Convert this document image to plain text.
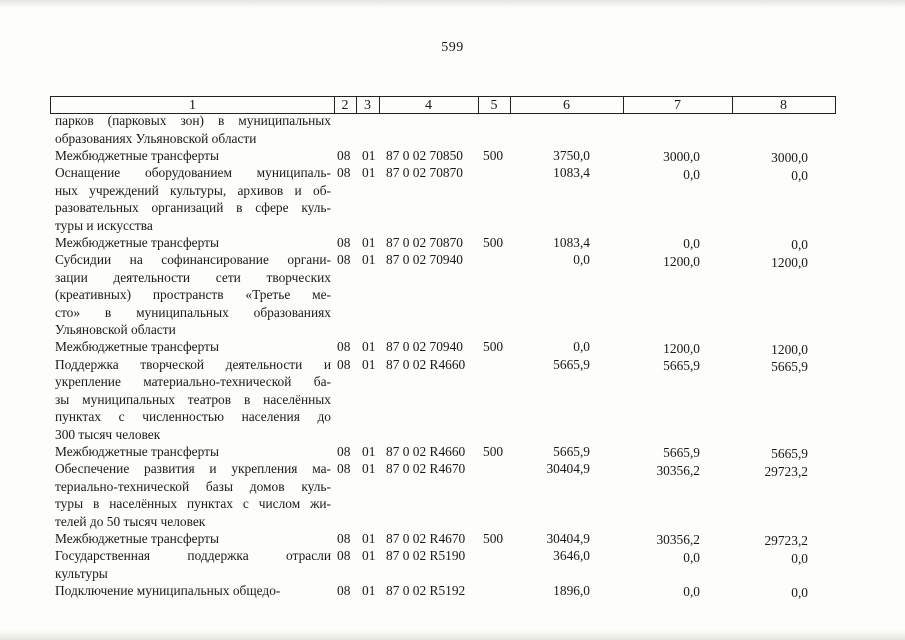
599
1	2	3	4	5	6	7	8
парков (парковых зон) в муниципальных
образованиях Ульяновской области
Межбюджетные трансферты	08 01 87 0 02 70850 500	3750,0	3000,0	3000,0
Оснащение оборудованием муниципаль-
ных учреждений культуры, архивов и об-
разовательных организаций в сфере куль-
туры и искусства
08 01 87 0 02 70870	1083,4	0,0	0,0
Межбюджетные трансферты	08 01 87 0 02 70870 500	1083,4	0,0	0,0
Субсидии на софинансирование органи-
зации деятельности сети творческих
(креативных) пространств «Третье ме-
сто» в муниципальных образованиях
Ульяновской области
08 01 87 0 02 70940	0,0	1200,0	1200,0
Межбюджетные трансферты	08 01 87 0 02 70940 500	0,0	1200,0	1200,0
Поддержка творческой деятельности и
укрепление материально-технической ба-
зы муниципальных театров в населённых
пунктах с численностью населения до
300 тысяч человек
08 01 87 0 02 R4660	5665,9	5665,9	5665,9
Межбюджетные трансферты	08 01 87 0 02 R4660 500	5665,9	5665,9	5665,9
Обеспечение развития и укрепления ма-
териально-технической базы домов куль-
туры в населённых пунктах с числом жи-
телей до 50 тысяч человек
08 01 87 0 02 R4670	30404,9	30356,2	29723,2
Межбюджетные трансферты	08 01 87 0 02 R4670 500	30404,9	30356,2	29723,2
Государственная поддержка отрасли
культуры
08 01 87 0 02 R5190	3646,0	0,0	0,0
Подключение муниципальных общедо-	08 01 87 0 02 R5192	1896,0	0,0	0,0
